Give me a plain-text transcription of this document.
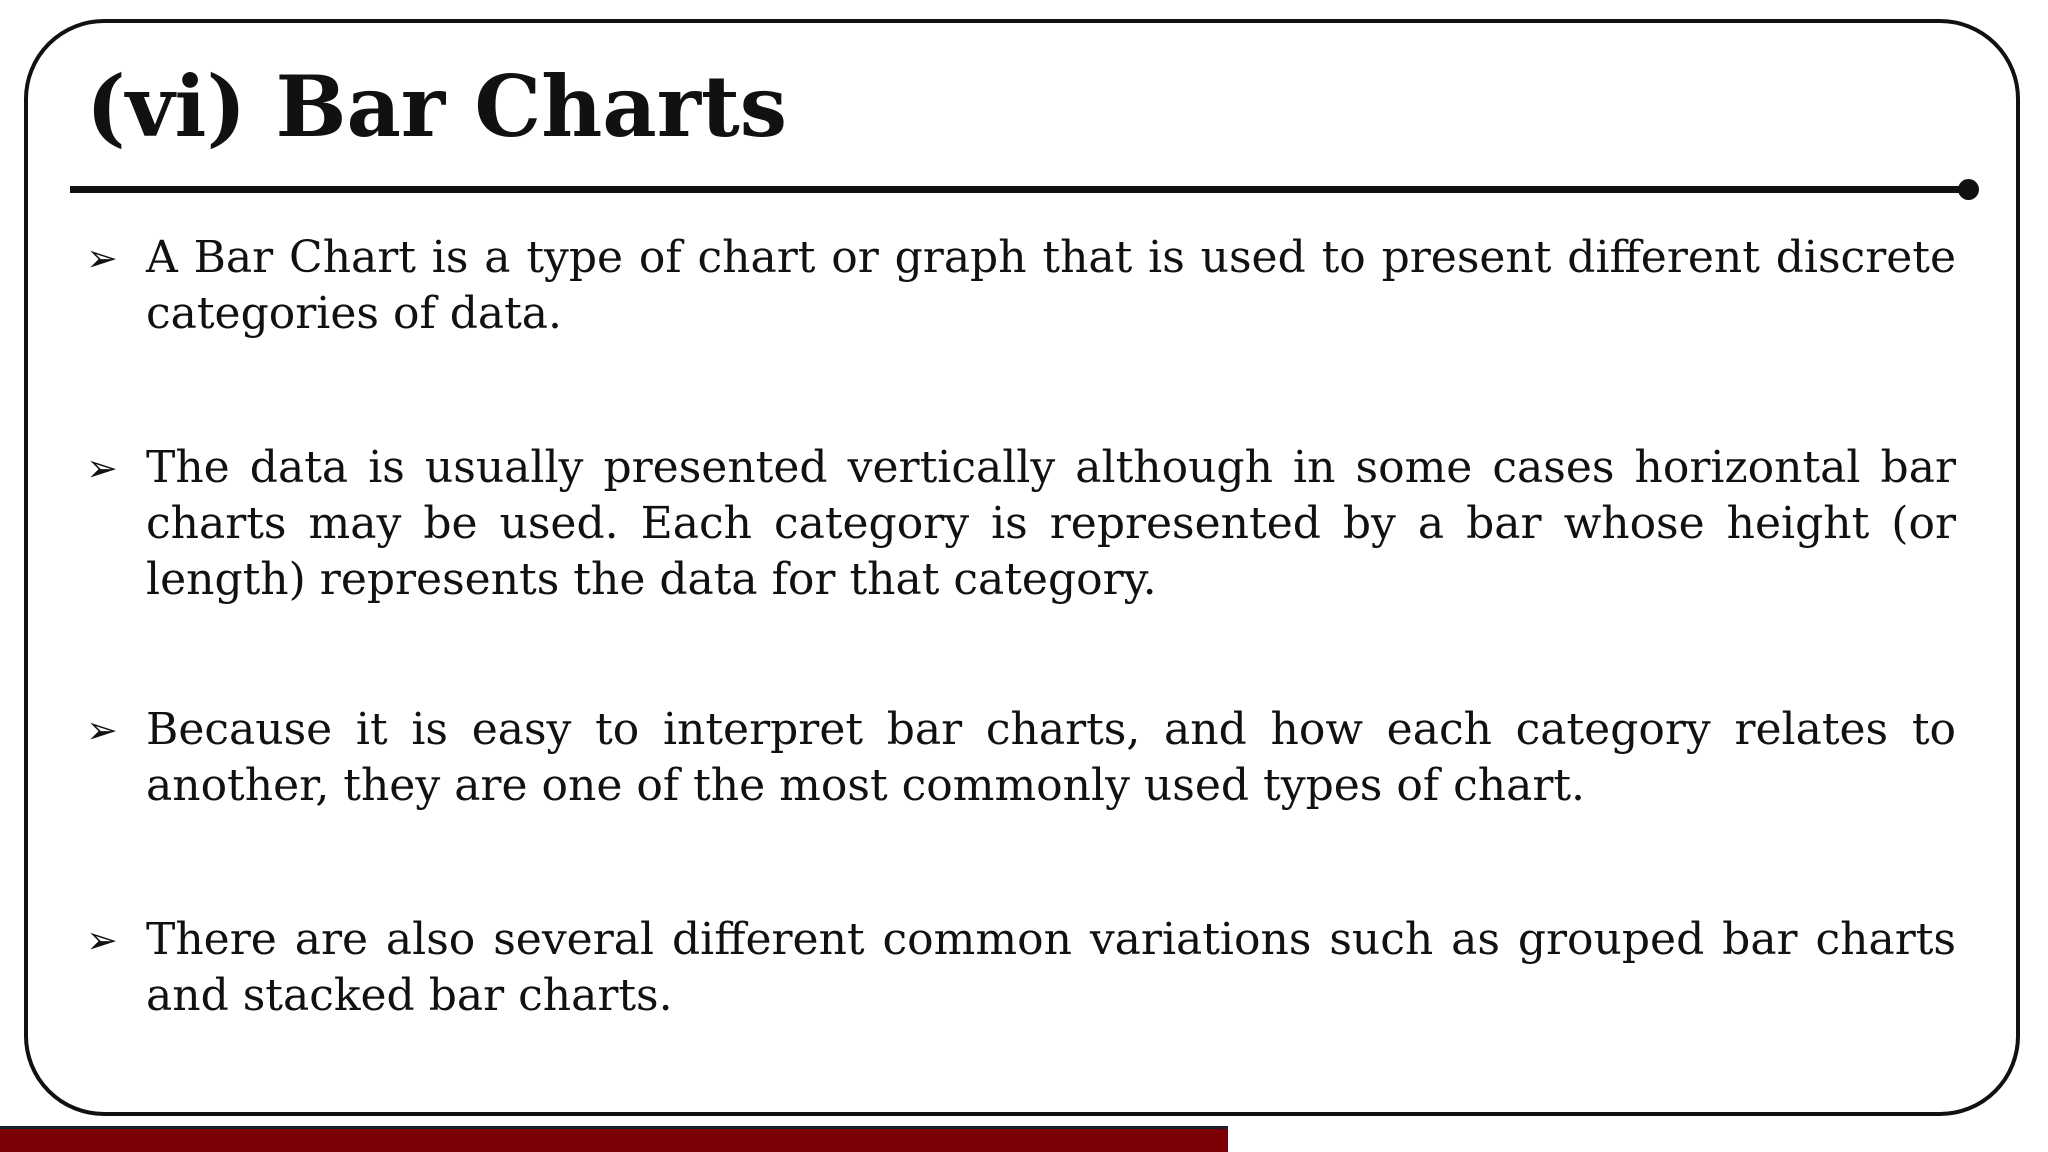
(vi) Bar Charts
➢ A Bar Chart is a type of chart or graph that is used to present different discrete categories of data.
➢ The data is usually presented vertically although in some cases horizontal bar charts may be used. Each category is represented by a bar whose height (or length) represents the data for that category.
➢ Because it is easy to interpret bar charts, and how each category relates to another, they are one of the most commonly used types of chart.
➢ There are also several different common variations such as grouped bar charts and stacked bar charts.
